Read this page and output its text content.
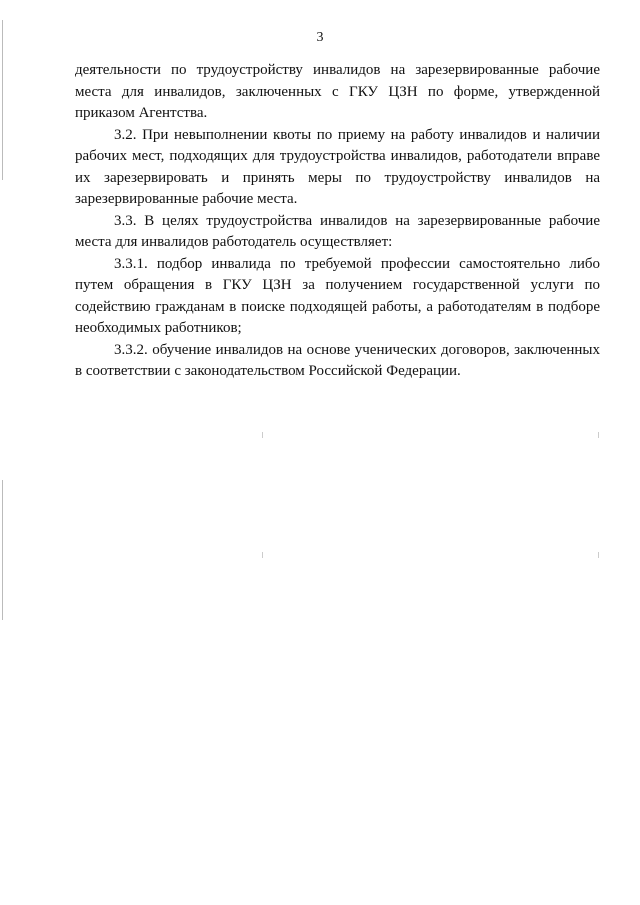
3

деятельности по трудоустройству инвалидов на зарезервированные рабочие места для инвалидов, заключенных с ГКУ ЦЗН по форме, утвержденной приказом Агентства.

3.2. При невыполнении квоты по приему на работу инвалидов и наличии рабочих мест, подходящих для трудоустройства инвалидов, работодатели вправе их зарезервировать и принять меры по трудоустройству инвалидов на зарезервированные рабочие места.

3.3. В целях трудоустройства инвалидов на зарезервированные рабочие места для инвалидов работодатель осуществляет:

3.3.1. подбор инвалида по требуемой профессии самостоятельно либо путем обращения в ГКУ ЦЗН за получением государственной услуги по содействию гражданам в поиске подходящей работы, а работодателям в подборе необходимых работников;

3.3.2. обучение инвалидов на основе ученических договоров, заключенных в соответствии с законодательством Российской Федерации.
